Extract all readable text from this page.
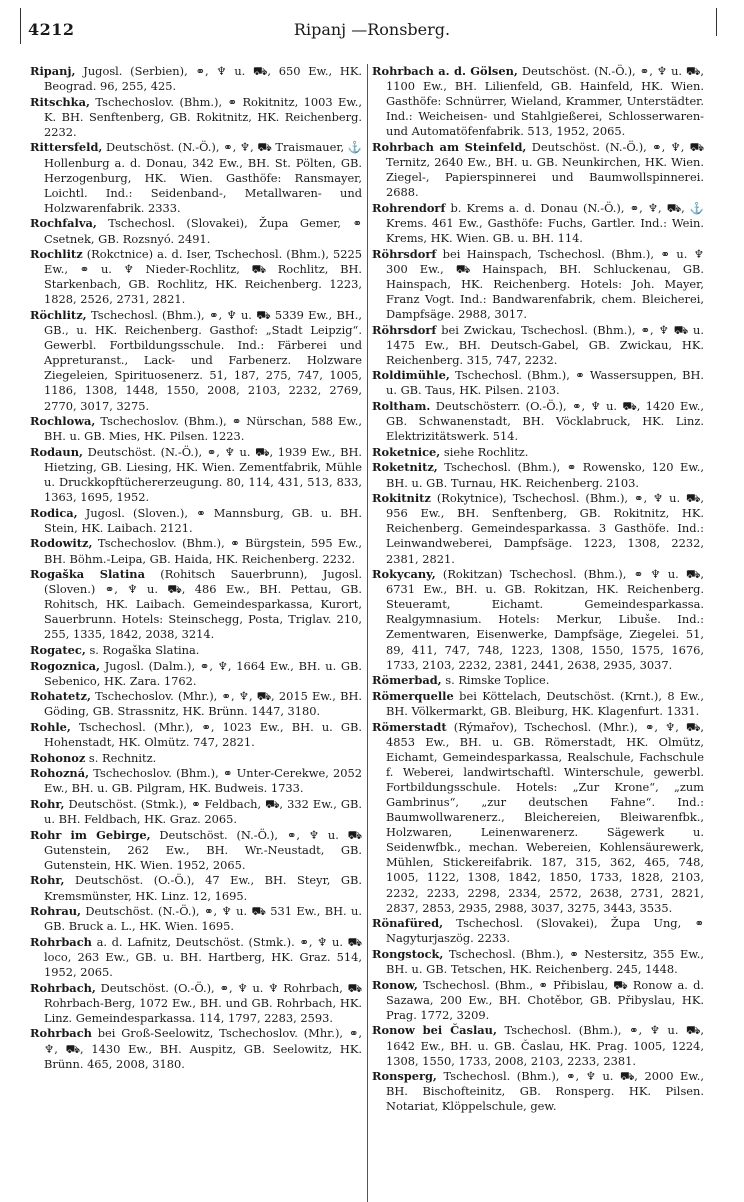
4212	Ripanj —Ronsberg.

Ripanj, Jugosl. (Serbien), ⚭, ♆ u. ⛟, 650 Ew., HK. Beograd. 96, 255, 425.

Ritschka, Tschechoslov. (Bhm.), ⚭ Rokitnitz, 1003 Ew., K. BH. Senftenberg, GB. Rokitnitz, HK. Reichenberg. 2232.

Rittersfeld, Deutschöst. (N.-Ö.), ⚭, ♆, ⛟ Traismauer, ⚓ Hollenburg a. d. Donau, 342 Ew., BH. St. Pölten, GB. Herzogenburg, HK. Wien. Gasthöfe: Ransmayer, Loichtl. Ind.: Seidenband-, Metallwaren- und Holzwarenfabrik. 2333.

Rochfalva, Tschechosl. (Slovakei), Župa Gemer, ⚭ Csetnek, GB. Rozsnyó. 2491.

Rochlitz (Rokctnice) a. d. Iser, Tschechosl. (Bhm.), 5225 Ew., ⚭ u. ♆ Nieder-Rochlitz, ⛟ Rochlitz, BH. Starkenbach, GB. Rochlitz, HK. Reichenberg. 1223, 1828, 2526, 2731, 2821.

Röchlitz, Tschechosl. (Bhm.), ⚭, ♆ u. ⛟ 5339 Ew., BH., GB., u. HK. Reichenberg. Gasthof: „Stadt Leipzig“. Gewerbl. Fortbildungsschule. Ind.: Färberei und Appreturanst., Lack- und Farbenerz. Holzware Ziegeleien, Spirituosenerz. 51, 187, 275, 747, 1005, 1186, 1308, 1448, 1550, 2008, 2103, 2232, 2769, 2770, 3017, 3275.

Rochlowa, Tschechoslov. (Bhm.), ⚭ Nürschan, 588 Ew., BH. u. GB. Mies, HK. Pilsen. 1223.

Rodaun, Deutschöst. (N.-Ö.), ⚭, ♆ u. ⛟, 1939 Ew., BH. Hietzing, GB. Liesing, HK. Wien. Zementfabrik, Mühle u. Druckkopftüchererzeugung. 80, 114, 431, 513, 833, 1363, 1695, 1952.

Rodica, Jugosl. (Sloven.), ⚭ Mannsburg, GB. u. BH. Stein, HK. Laibach. 2121.

Rodowitz, Tschechoslov. (Bhm.), ⚭ Bürgstein, 595 Ew., BH. Böhm.-Leipa, GB. Haida, HK. Reichenberg. 2232.

Rogaška Slatina (Rohitsch Sauerbrunn), Jugosl. (Sloven.) ⚭, ♆ u. ⛟, 486 Ew., BH. Pettau, GB. Rohitsch, HK. Laibach. Gemeindesparkassa, Kurort, Sauerbrunn. Hotels: Steinschegg, Posta, Triglav. 210, 255, 1335, 1842, 2038, 3214.

Rogatec, s. Rogaška Slatina.

Rogoznica, Jugosl. (Dalm.), ⚭, ♆, 1664 Ew., BH. u. GB. Sebenico, HK. Zara. 1762.

Rohatetz, Tschechoslov. (Mhr.), ⚭, ♆, ⛟, 2015 Ew., BH. Göding, GB. Strassnitz, HK. Brünn. 1447, 3180.

Rohle, Tschechosl. (Mhr.), ⚭, 1023 Ew., BH. u. GB. Hohenstadt, HK. Olmütz. 747, 2821.

Rohonoz s. Rechnitz.

Rohozná, Tschechoslov. (Bhm.), ⚭ Unter-Cerekwe, 2052 Ew., BH. u. GB. Pilgram, HK. Budweis. 1733.

Rohr, Deutschöst. (Stmk.), ⚭ Feldbach, ⛟, 332 Ew., GB. u. BH. Feldbach, HK. Graz. 2065.

Rohr im Gebirge, Deutschöst. (N.-Ö.), ⚭, ♆ u. ⛟ Gutenstein, 262 Ew., BH. Wr.-Neustadt, GB. Gutenstein, HK. Wien. 1952, 2065.

Rohr, Deutschöst. (O.-Ö.), 47 Ew., BH. Steyr, GB. Kremsmünster, HK. Linz. 12, 1695.

Rohrau, Deutschöst. (N.-Ö.), ⚭, ♆ u. ⛟ 531 Ew., BH. u. GB. Bruck a. L., HK. Wien. 1695.

Rohrbach a. d. Lafnitz, Deutschöst. (Stmk.). ⚭, ♆ u. ⛟ loco, 263 Ew., GB. u. BH. Hartberg, HK. Graz. 514, 1952, 2065.

Rohrbach, Deutschöst. (O.-Ö.), ⚭, ♆ u. ♆ Rohrbach, ⛟ Rohrbach-Berg, 1072 Ew., BH. und GB. Rohrbach, HK. Linz. Gemeindesparkassa. 114, 1797, 2283, 2593.

Rohrbach bei Groß-Seelowitz, Tschechoslov. (Mhr.), ⚭, ♆, ⛟, 1430 Ew., BH. Auspitz, GB. Seelowitz, HK. Brünn. 465, 2008, 3180.

Rohrbach a. d. Gölsen, Deutschöst. (N.-Ö.), ⚭, ♆ u. ⛟, 1100 Ew., BH. Lilienfeld, GB. Hainfeld, HK. Wien. Gasthöfe: Schnürrer, Wieland, Krammer, Unterstädter. Ind.: Weicheisen- und Stahlgießerei, Schlosserwaren- und Automatöfenfabrik. 513, 1952, 2065.

Rohrbach am Steinfeld, Deutschöst. (N.-Ö.), ⚭, ♆, ⛟ Ternitz, 2640 Ew., BH. u. GB. Neunkirchen, HK. Wien. Ziegel-, Papierspinnerei und Baumwollspinnerei. 2688.

Rohrendorf b. Krems a. d. Donau (N.-Ö.), ⚭, ♆, ⛟, ⚓ Krems. 461 Ew., Gasthöfe: Fuchs, Gartler. Ind.: Wein. Krems, HK. Wien. GB. u. BH. 114.

Röhrsdorf bei Hainspach, Tschechosl. (Bhm.), ⚭ u. ♆ 300 Ew., ⛟ Hainspach, BH. Schluckenau, GB. Hainspach, HK. Reichenberg. Hotels: Joh. Mayer, Franz Vogt. Ind.: Bandwarenfabrik, chem. Bleicherei, Dampfsäge. 2988, 3017.

Röhrsdorf bei Zwickau, Tschechosl. (Bhm.), ⚭, ♆ ⛟ u. 1475 Ew., BH. Deutsch-Gabel, GB. Zwickau, HK. Reichenberg. 315, 747, 2232.

Roldimühle, Tschechosl. (Bhm.), ⚭ Wassersuppen, BH. u. GB. Taus, HK. Pilsen. 2103.

Roltham. Deutschösterr. (O.-Ö.), ⚭, ♆ u. ⛟, 1420 Ew., GB. Schwanenstadt, BH. Vöcklabruck, HK. Linz. Elektrizitätswerk. 514.

Roketnice, siehe Rochlitz.

Roketnitz, Tschechosl. (Bhm.), ⚭ Rowensko, 120 Ew., BH. u. GB. Turnau, HK. Reichenberg. 2103.

Rokitnitz (Rokytnice), Tschechosl. (Bhm.), ⚭, ♆ u. ⛟, 956 Ew., BH. Senftenberg, GB. Rokitnitz, HK. Reichenberg. Gemeindesparkassa. 3 Gasthöfe. Ind.: Leinwandweberei, Dampfsäge. 1223, 1308, 2232, 2381, 2821.

Rokycany, (Rokitzan) Tschechosl. (Bhm.), ⚭ ♆ u. ⛟, 6731 Ew., BH. u. GB. Rokitzan, HK. Reichenberg. Steueramt, Eichamt. Gemeindesparkassa. Realgymnasium. Hotels: Merkur, Libuše. Ind.: Zementwaren, Eisenwerke, Dampfsäge, Ziegelei. 51, 89, 411, 747, 748, 1223, 1308, 1550, 1575, 1676, 1733, 2103, 2232, 2381, 2441, 2638, 2935, 3037.

Römerbad, s. Rimske Toplice.

Römerquelle bei Köttelach, Deutschöst. (Krnt.), 8 Ew., BH. Völkermarkt, GB. Bleiburg, HK. Klagenfurt. 1331.

Römerstadt (Rýmařov), Tschechosl. (Mhr.), ⚭, ♆, ⛟, 4853 Ew., BH. u. GB. Römerstadt, HK. Olmütz, Eichamt, Gemeindesparkassa, Realschule, Fachschule f. Weberei, landwirtschaftl. Winterschule, gewerbl. Fortbildungsschule. Hotels: „Zur Krone“, „zum Gambrinus“, „zur deutschen Fahne“. Ind.: Baumwollwarenerz., Bleichereien, Bleiwarenfbk., Holzwaren, Leinenwarenerz. Sägewerk u. Seidenwfbk., mechan. Webereien, Kohlensäurewerk, Mühlen, Stickereifabrik. 187, 315, 362, 465, 748, 1005, 1122, 1308, 1842, 1850, 1733, 1828, 2103, 2232, 2233, 2298, 2334, 2572, 2638, 2731, 2821, 2837, 2853, 2935, 2988, 3037, 3275, 3443, 3535.

Rönafüred, Tschechosl. (Slovakei), Župa Ung, ⚭ Nagyturjaszög. 2233.

Rongstock, Tschechosl. (Bhm.), ⚭ Nestersitz, 355 Ew., BH. u. GB. Tetschen, HK. Reichenberg. 245, 1448.

Ronow, Tschechosl. (Bhm., ⚭ Přibislau, ⛟ Ronow a. d. Sazawa, 200 Ew., BH. Chotěbor, GB. Přibyslau, HK. Prag. 1772, 3209.

Ronow bei Časlau, Tschechosl. (Bhm.), ⚭, ♆ u. ⛟, 1642 Ew., BH. u. GB. Časlau, HK. Prag. 1005, 1224, 1308, 1550, 1733, 2008, 2103, 2233, 2381.

Ronsperg, Tschechosl. (Bhm.), ⚭, ♆ u. ⛟, 2000 Ew., BH. Bischofteinitz, GB. Ronsperg. HK. Pilsen. Notariat, Klöppelschule, gew.
